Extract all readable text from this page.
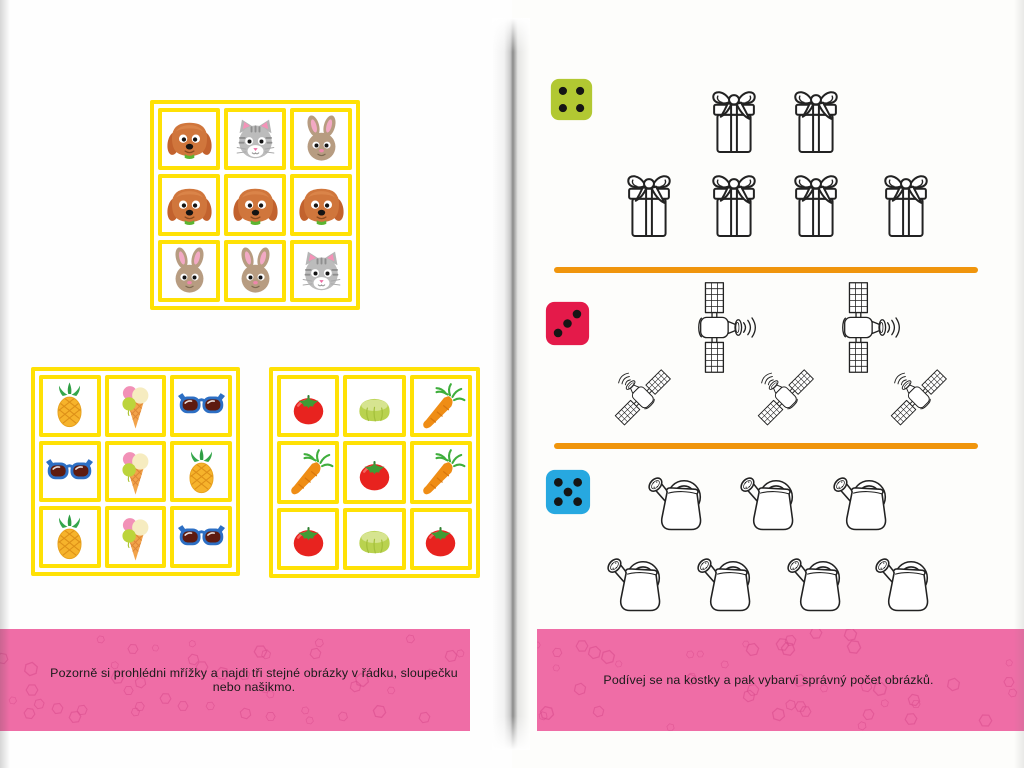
Pozorně si prohlédni mřížky a najdi tři stejné obrázky v řádku, sloupečku nebo našikmo.	Podívej se na kostky a pak vybarvi správný počet obrázků.
